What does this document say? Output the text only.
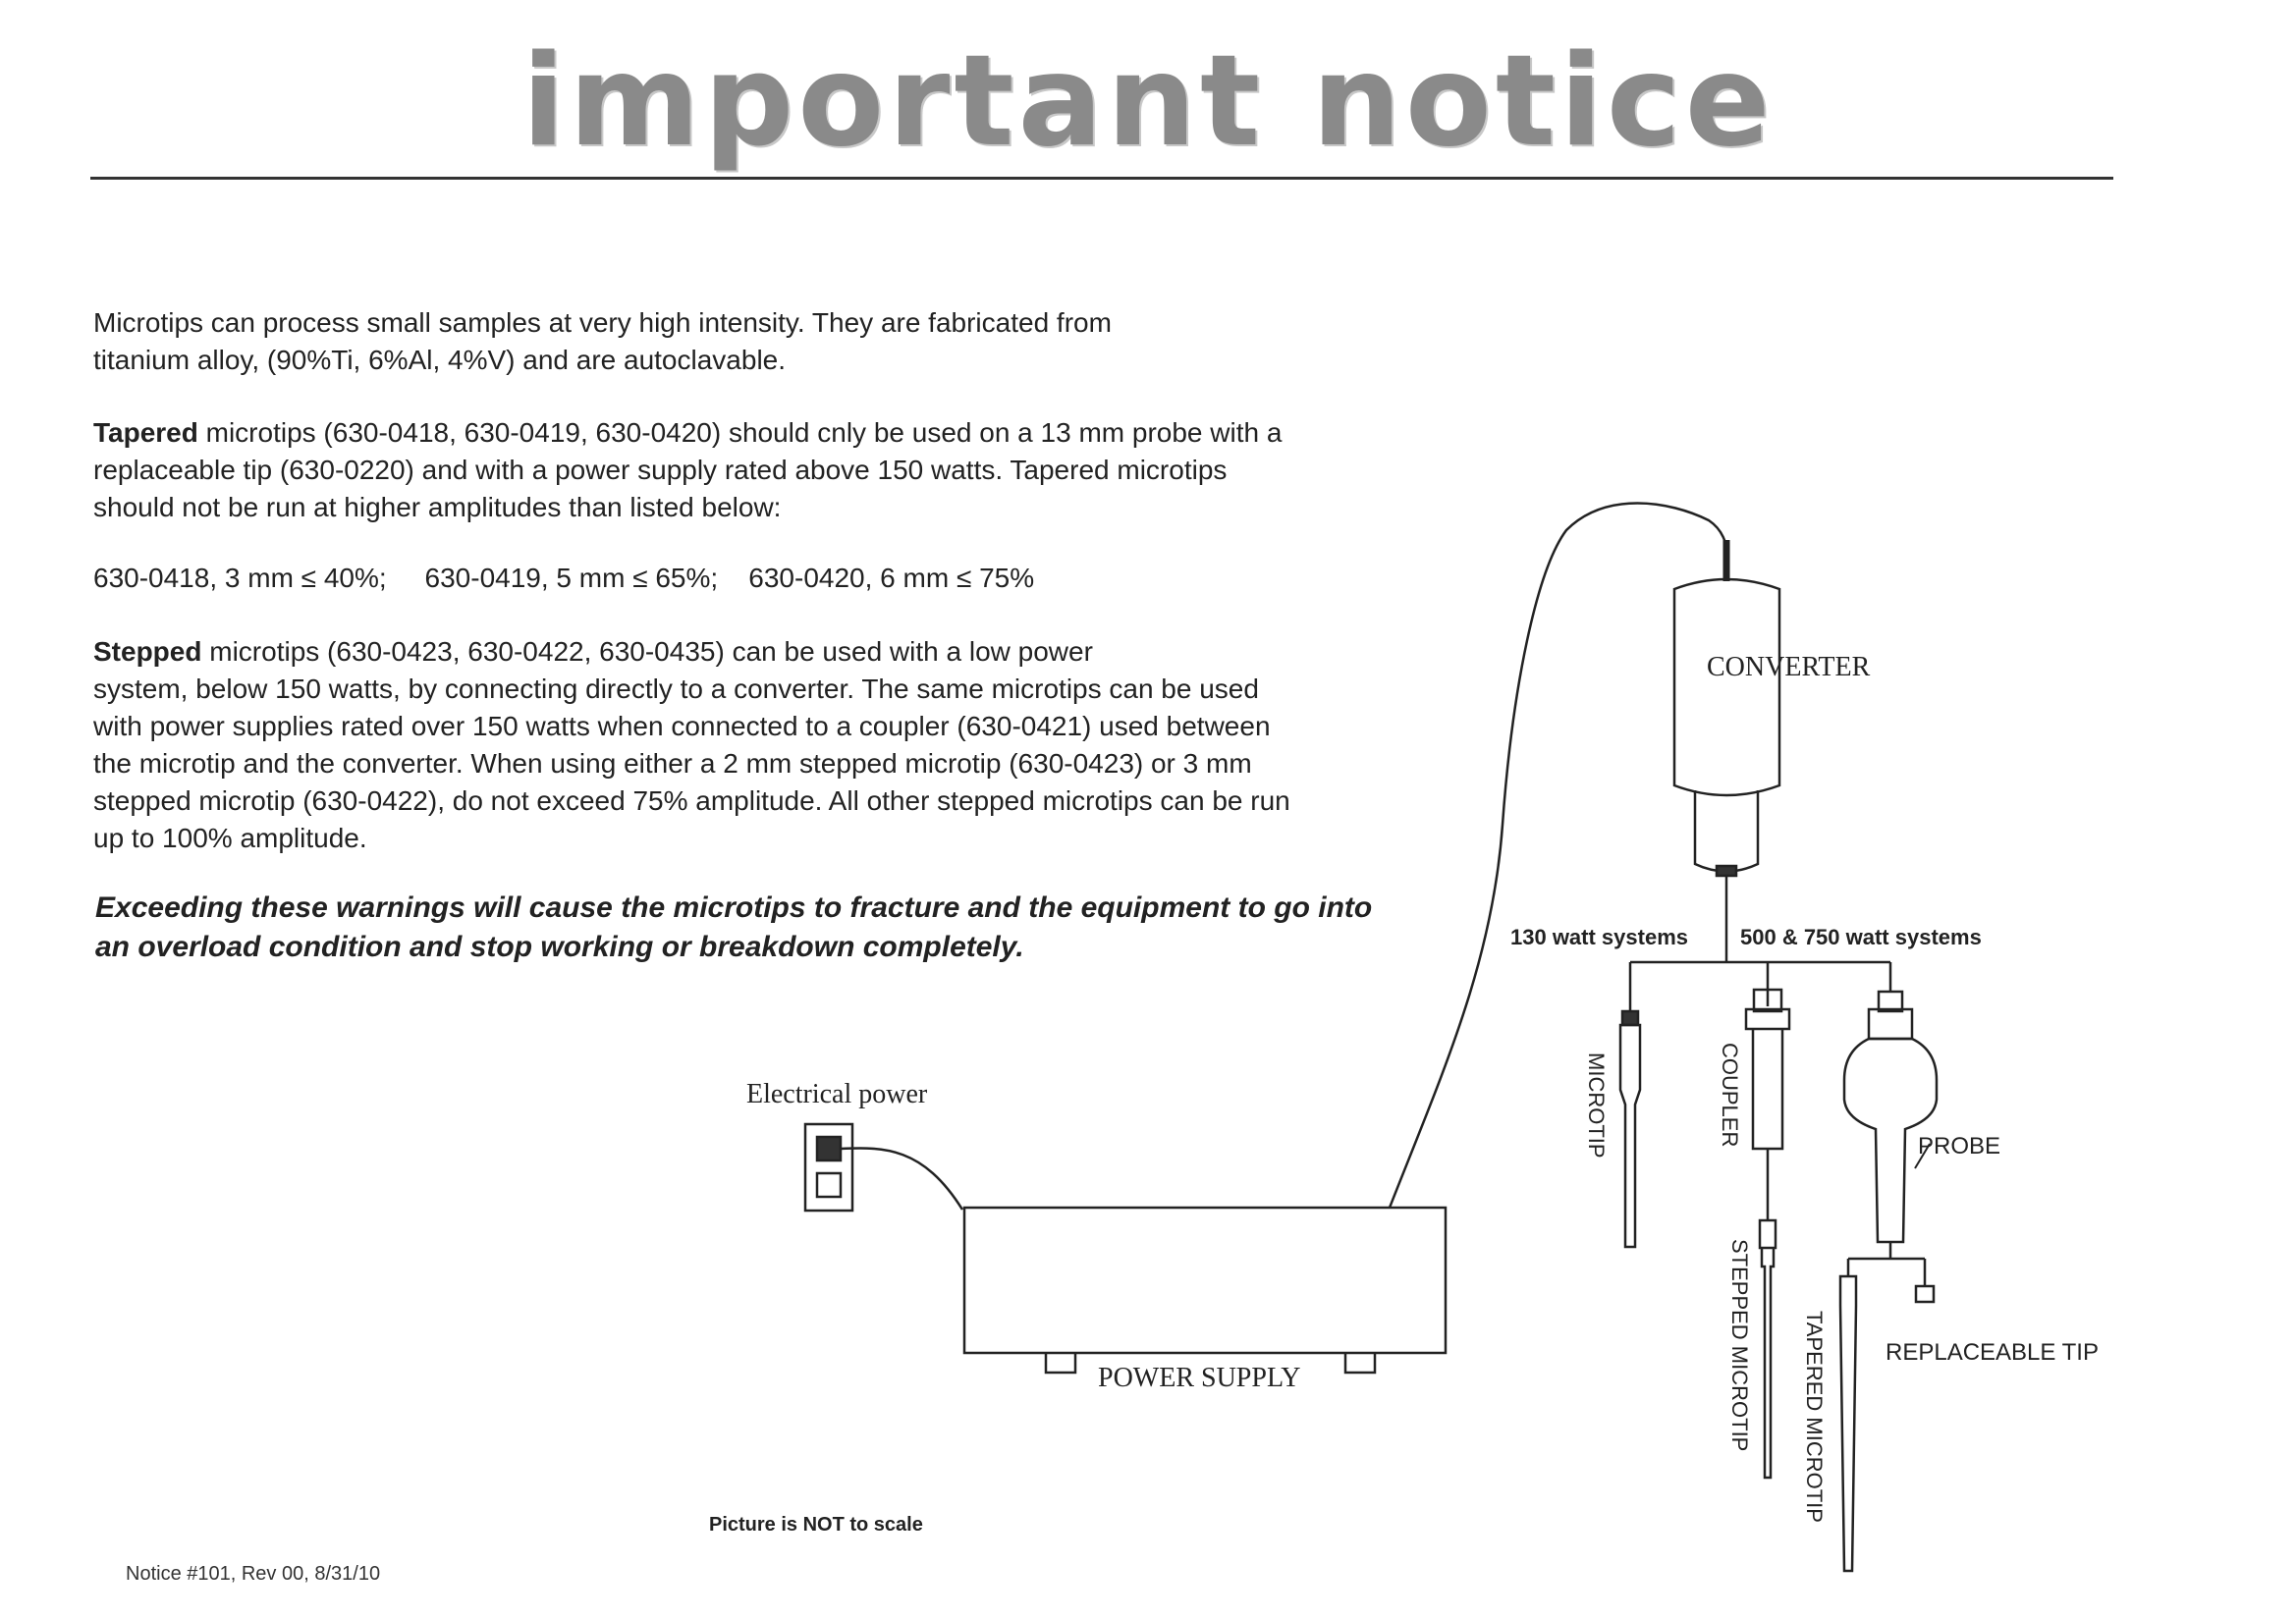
important notice
Microtips can process small samples at very high intensity. They are fabricated from
titanium alloy, (90%Ti, 6%Al, 4%V) and are autoclavable.
Tapered microtips (630-0418, 630-0419, 630-0420) should cnly be used on a 13 mm probe with a
replaceable tip (630-0220) and with a power supply rated above 150 watts. Tapered microtips
should not be run at higher amplitudes than listed below:
630-0418, 3 mm ≤ 40%;     630-0419, 5 mm ≤ 65%;    630-0420, 6 mm ≤ 75%
Stepped microtips (630-0423, 630-0422, 630-0435) can be used with a low power
system, below 150 watts, by connecting directly to a converter. The same microtips can be used
with power supplies rated over 150 watts when connected to a coupler (630-0421) used between
the microtip and the converter. When using either a 2 mm stepped microtip (630-0423) or 3 mm
stepped microtip (630-0422), do not exceed 75% amplitude. All other stepped microtips can be run
up to 100% amplitude.
Exceeding these warnings will cause the microtips to fracture and the equipment to go into
an overload condition and stop working or breakdown completely.
Electrical power
POWER SUPPLY
CONVERTER
130 watt systems 500 & 750 watt systems
PROBE
REPLACEABLE TIP
MICROTIP	COUPLER
STEPPED MICROTIP TAPERED MICROTIP
Picture is NOT to scale
Notice #101, Rev 00, 8/31/10
